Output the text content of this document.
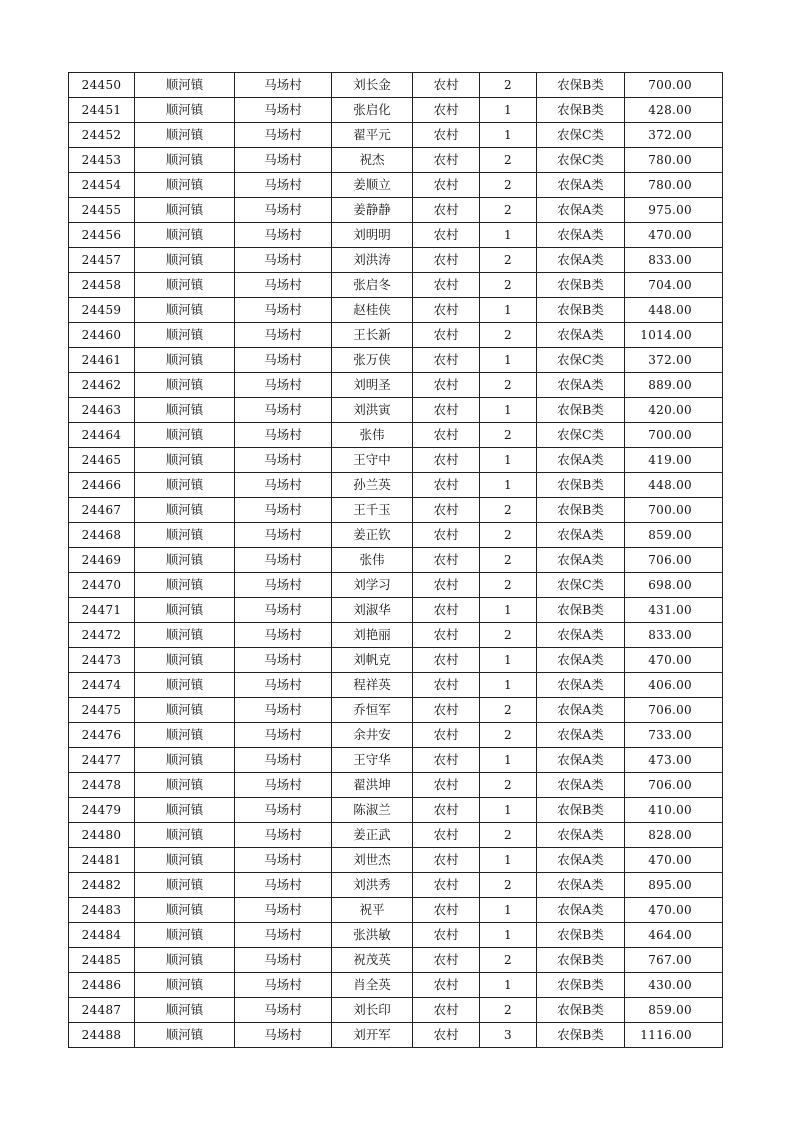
24450	顺河镇	马场村	刘长金	农村	2	农保B类	700.00
24451	顺河镇	马场村	张启化	农村	1	农保B类	428.00
24452	顺河镇	马场村	翟平元	农村	1	农保C类	372.00
24453	顺河镇	马场村	祝杰	农村	2	农保C类	780.00
24454	顺河镇	马场村	姜顺立	农村	2	农保A类	780.00
24455	顺河镇	马场村	姜静静	农村	2	农保A类	975.00
24456	顺河镇	马场村	刘明明	农村	1	农保A类	470.00
24457	顺河镇	马场村	刘洪涛	农村	2	农保A类	833.00
24458	顺河镇	马场村	张启冬	农村	2	农保B类	704.00
24459	顺河镇	马场村	赵桂侠	农村	1	农保B类	448.00
24460	顺河镇	马场村	王长新	农村	2	农保A类	1014.00
24461	顺河镇	马场村	张万侠	农村	1	农保C类	372.00
24462	顺河镇	马场村	刘明圣	农村	2	农保A类	889.00
24463	顺河镇	马场村	刘洪寅	农村	1	农保B类	420.00
24464	顺河镇	马场村	张伟	农村	2	农保C类	700.00
24465	顺河镇	马场村	王守中	农村	1	农保A类	419.00
24466	顺河镇	马场村	孙兰英	农村	1	农保B类	448.00
24467	顺河镇	马场村	王千玉	农村	2	农保B类	700.00
24468	顺河镇	马场村	姜正钦	农村	2	农保A类	859.00
24469	顺河镇	马场村	张伟	农村	2	农保A类	706.00
24470	顺河镇	马场村	刘学习	农村	2	农保C类	698.00
24471	顺河镇	马场村	刘淑华	农村	1	农保B类	431.00
24472	顺河镇	马场村	刘艳丽	农村	2	农保A类	833.00
24473	顺河镇	马场村	刘帆克	农村	1	农保A类	470.00
24474	顺河镇	马场村	程祥英	农村	1	农保A类	406.00
24475	顺河镇	马场村	乔恒军	农村	2	农保A类	706.00
24476	顺河镇	马场村	余井安	农村	2	农保A类	733.00
24477	顺河镇	马场村	王守华	农村	1	农保A类	473.00
24478	顺河镇	马场村	翟洪坤	农村	2	农保A类	706.00
24479	顺河镇	马场村	陈淑兰	农村	1	农保B类	410.00
24480	顺河镇	马场村	姜正武	农村	2	农保A类	828.00
24481	顺河镇	马场村	刘世杰	农村	1	农保A类	470.00
24482	顺河镇	马场村	刘洪秀	农村	2	农保A类	895.00
24483	顺河镇	马场村	祝平	农村	1	农保A类	470.00
24484	顺河镇	马场村	张洪敏	农村	1	农保B类	464.00
24485	顺河镇	马场村	祝茂英	农村	2	农保B类	767.00
24486	顺河镇	马场村	肖全英	农村	1	农保B类	430.00
24487	顺河镇	马场村	刘长印	农村	2	农保B类	859.00
24488	顺河镇	马场村	刘开军	农村	3	农保B类	1116.00
